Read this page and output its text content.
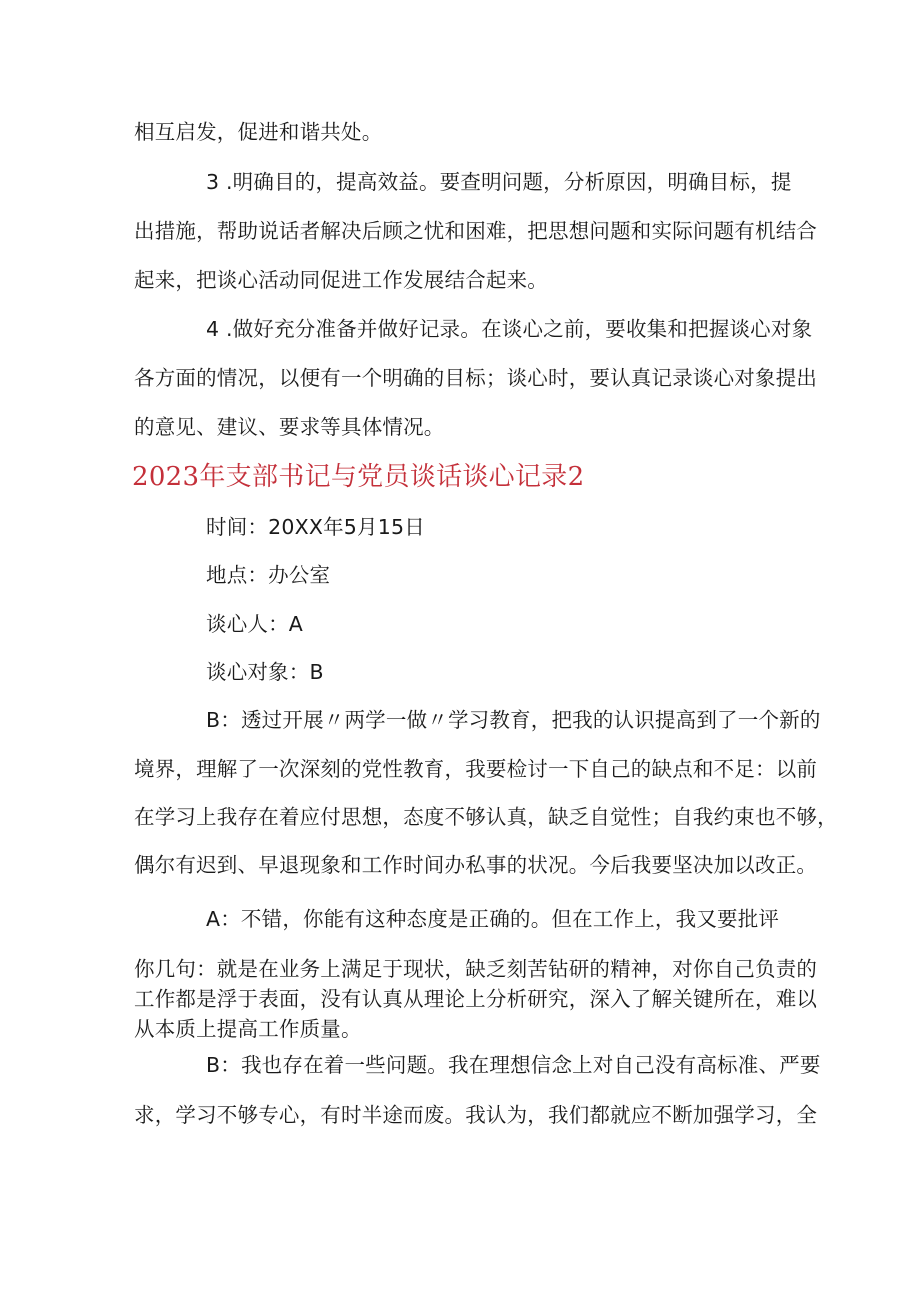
相互启发，促进和谐共处。
3 .明确目的，提高效益。要查明问题，分析原因，明确目标，提
出措施，帮助说话者解决后顾之忧和困难，把思想问题和实际问题有机结合
起来，把谈心活动同促进工作发展结合起来。
4 .做好充分准备并做好记录。在谈心之前，要收集和把握谈心对象
各方面的情况，以便有一个明确的目标；谈心时，要认真记录谈心对象提出
的意见、建议、要求等具体情况。
2023年支部书记与党员谈话谈心记录2
时间：20XX年5月15日
地点：办公室
谈心人：A
谈心对象：B
B：透过开展〃两学一做〃学习教育，把我的认识提高到了一个新的
境界，理解了一次深刻的党性教育，我要检讨一下自己的缺点和不足：以前
在学习上我存在着应付思想，态度不够认真，缺乏自觉性；自我约束也不够，
偶尔有迟到、早退现象和工作时间办私事的状况。今后我要坚决加以改正。
A：不错，你能有这种态度是正确的。但在工作上，我又要批评
你几句：就是在业务上满足于现状，缺乏刻苦钻研的精神，对你自己负责的
工作都是浮于表面，没有认真从理论上分析研究，深入了解关键所在，难以
从本质上提高工作质量。
B：我也存在着一些问题。我在理想信念上对自己没有高标准、严要
求，学习不够专心，有时半途而废。我认为，我们都就应不断加强学习，全
